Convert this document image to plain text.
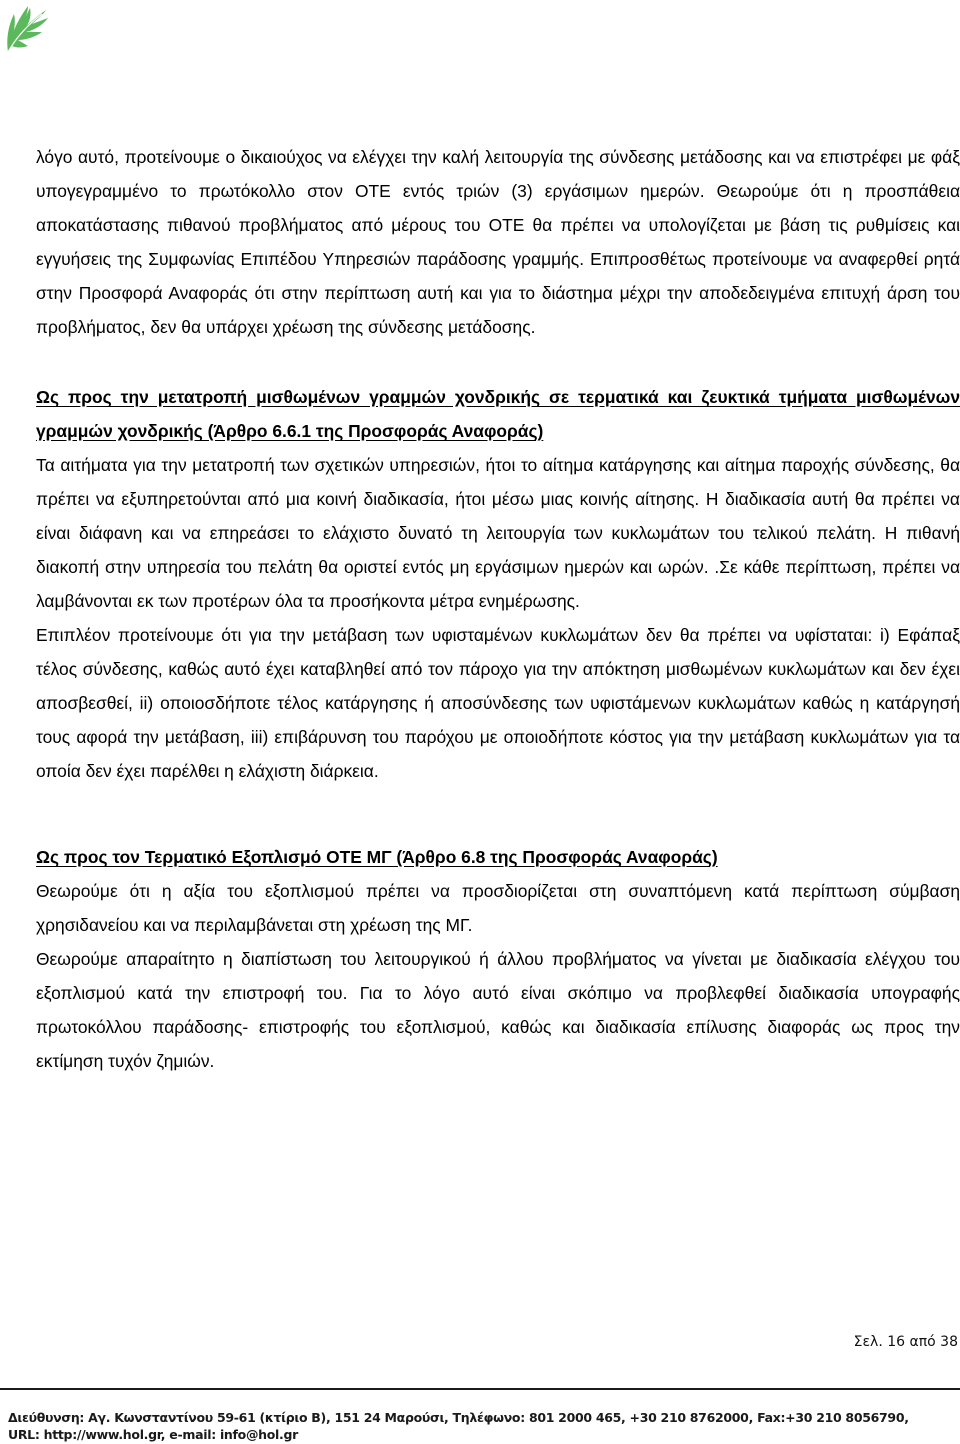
λόγο αυτό, προτείνουμε ο δικαιούχος να ελέγχει την καλή λειτουργία της σύνδεσης μετάδοσης και να επιστρέφει με φάξ υπογεγραμμένο το πρωτόκολλο στον ΟΤΕ εντός τριών (3) εργάσιμων ημερών. Θεωρούμε ότι η προσπάθεια αποκατάστασης πιθανού προβλήματος από μέρους του ΟΤΕ θα πρέπει να υπολογίζεται με βάση τις ρυθμίσεις και εγγυήσεις της Συμφωνίας Επιπέδου Υπηρεσιών παράδοσης γραμμής. Επιπροσθέτως προτείνουμε να αναφερθεί ρητά στην Προσφορά Αναφοράς ότι στην περίπτωση αυτή και για το διάστημα μέχρι την αποδεδειγμένα επιτυχή άρση του προβλήματος, δεν θα υπάρχει χρέωση της σύνδεσης μετάδοσης.

Ως προς την μετατροπή μισθωμένων γραμμών χονδρικής σε τερματικά και ζευκτικά τμήματα μισθωμένων γραμμών χονδρικής (Άρθρο 6.6.1 της Προσφοράς Αναφοράς)

Τα αιτήματα για την μετατροπή των σχετικών υπηρεσιών, ήτοι το αίτημα κατάργησης και αίτημα παροχής σύνδεσης, θα πρέπει να εξυπηρετούνται από μια κοινή διαδικασία, ήτοι μέσω μιας κοινής αίτησης. Η διαδικασία αυτή θα πρέπει να είναι διάφανη και να επηρεάσει το ελάχιστο δυνατό τη λειτουργία των κυκλωμάτων του τελικού πελάτη. Η πιθανή διακοπή στην υπηρεσία του πελάτη θα οριστεί εντός μη εργάσιμων ημερών και ωρών. .Σε κάθε περίπτωση, πρέπει να λαμβάνονται εκ των προτέρων όλα τα προσήκοντα μέτρα ενημέρωσης.

Επιπλέον προτείνουμε ότι για την μετάβαση των υφισταμένων κυκλωμάτων δεν θα πρέπει να υφίσταται: i) Εφάπαξ τέλος σύνδεσης, καθώς αυτό έχει καταβληθεί από τον πάροχο για την απόκτηση μισθωμένων κυκλωμάτων και δεν έχει αποσβεσθεί, ii) οποιοσδήποτε τέλος κατάργησης ή αποσύνδεσης των υφιστάμενων κυκλωμάτων καθώς η κατάργησή τους αφορά την μετάβαση, iii) επιβάρυνση του παρόχου με οποιοδήποτε κόστος για την μετάβαση κυκλωμάτων για τα οποία δεν έχει παρέλθει η ελάχιστη διάρκεια.

Ως προς τον Τερματικό Εξοπλισμό ΟΤΕ ΜΓ (Άρθρο 6.8 της Προσφοράς Αναφοράς)

Θεωρούμε ότι η αξία του εξοπλισμού πρέπει να προσδιορίζεται στη συναπτόμενη κατά περίπτωση σύμβαση χρησιδανείου και να περιλαμβάνεται στη χρέωση της ΜΓ.

Θεωρούμε απαραίτητο η διαπίστωση του λειτουργικού ή άλλου προβλήματος να γίνεται με διαδικασία ελέγχου του εξοπλισμού κατά την επιστροφή του. Για το λόγο αυτό είναι σκόπιμο να προβλεφθεί διαδικασία υπογραφής πρωτοκόλλου παράδοσης- επιστροφής του εξοπλισμού, καθώς και διαδικασία επίλυσης διαφοράς ως προς την εκτίμηση τυχόν ζημιών.

Σελ. 16 από 38
Διεύθυνση: Αγ. Κωνσταντίνου 59-61 (κτίριο Β), 151 24 Μαρούσι, Τηλέφωνο: 801 2000 465, +30 210 8762000, Fax:+30 210 8056790,
URL: http://www.hol.gr, e-mail: info@hol.gr
